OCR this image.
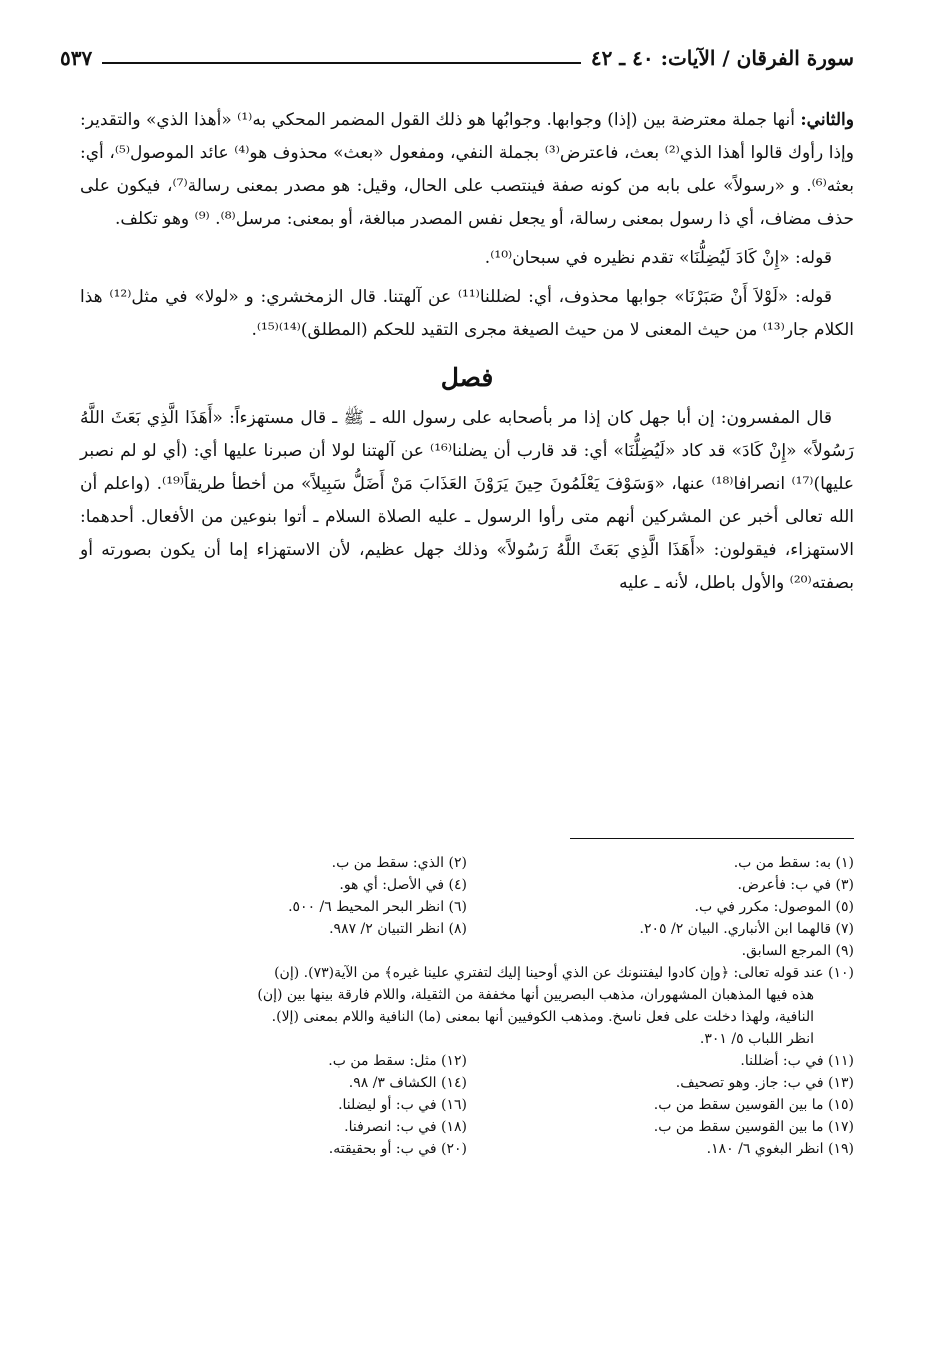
سورة الفرقان / الآيات: ٤٠ ـ ٤٢
٥٣٧

والثاني: أنها جملة معترضة بين (إذا) وجوابها. وجوابُها هو ذلك القول المضمر المحكي به⁽¹⁾ «أهذا الذي» والتقدير: وإذا رأوك قالوا أهذا الذي⁽²⁾ بعث، فاعترض⁽³⁾ بجملة النفي، ومفعول «بعث» محذوف هو⁽⁴⁾ عائد الموصول⁽⁵⁾، أي: بعثه⁽⁶⁾. و «رسولاً» على بابه من كونه صفة فينتصب على الحال، وقيل: هو مصدر بمعنى رسالة⁽⁷⁾، فيكون على حذف مضاف، أي ذا رسول بمعنى رسالة، أو يجعل نفس المصدر مبالغة، أو بمعنى: مرسل⁽⁸⁾. ⁽⁹⁾ وهو تكلف.

قوله: «إِنْ كَادَ لَيُضِلُّنَا» تقدم نظيره في سبحان⁽¹⁰⁾.

قوله: «لَوْلاَ أَنْ صَبَرْنَا» جوابها محذوف، أي: لضللنا⁽¹¹⁾ عن آلهتنا. قال الزمخشري: و «لولا» في مثل⁽¹²⁾ هذا الكلام جار⁽¹³⁾ من حيث المعنى لا من حيث الصيغة مجرى التقيد للحكم (المطلق)⁽¹⁴⁾⁽¹⁵⁾.

فصل

قال المفسرون: إن أبا جهل كان إذا مر بأصحابه على رسول الله ـ ﷺ ـ قال مستهزءاً: «أَهَذَا الَّذِي بَعَثَ اللَّهُ رَسُولاً» «إِنْ كَادَ» قد كاد «لَيُضِلُّنَا» أي: قد قارب أن يضلنا⁽¹⁶⁾ عن آلهتنا لولا أن صبرنا عليها أي: (أي لو لم نصبر عليها)⁽¹⁷⁾ انصرافا⁽¹⁸⁾ عنها، «وَسَوْفَ يَعْلَمُونَ حِينَ يَرَوْنَ العَذَابَ مَنْ أَضَلُّ سَبِيلاً» من أخطأ طريقاً⁽¹⁹⁾. (واعلم أن الله تعالى أخبر عن المشركين أنهم متى رأوا الرسول ـ عليه الصلاة السلام ـ أتوا بنوعين من الأفعال. أحدهما: الاستهزاء، فيقولون: «أَهَذَا الَّذِي بَعَثَ اللَّهُ رَسُولاً» وذلك جهل عظيم، لأن الاستهزاء إما أن يكون بصورته أو بصفته⁽²⁰⁾ والأول باطل، لأنه ـ عليه

(١) به: سقط من ب.
(٢) الذي: سقط من ب.
(٣) في ب: فأعرض.
(٤) في الأصل: أي هو.
(٥) الموصول: مكرر في ب.
(٦) انظر البحر المحيط ٦/ ٥٠٠.
(٧) قالهما ابن الأنباري. البيان ٢/ ٢٠٥.
(٨) انظر التبيان ٢/ ٩٨٧.
(٩) المرجع السابق.
(١٠) عند قوله تعالى: ﴿وإن كادوا ليفتنونك عن الذي أوحينا إليك لتفتري علينا غيره﴾ من الآية(٧٣). (إن)
هذه فيها المذهبان المشهوران، مذهب البصريين أنها مخففة من الثقيلة، واللام فارقة بينها بين (إن)
النافية، ولهذا دخلت على فعل ناسخ. ومذهب الكوفيين أنها بمعنى (ما) النافية واللام بمعنى (إلا).
انظر اللباب ٥/ ٣٠١.
(١١) في ب: أضللنا.
(١٢) مثل: سقط من ب.
(١٣) في ب: جاز. وهو تصحيف.
(١٤) الكشاف ٣/ ٩٨.
(١٥) ما بين القوسين سقط من ب.
(١٦) في ب: أو ليضلنا.
(١٧) ما بين القوسين سقط من ب.
(١٨) في ب: انصرفنا.
(١٩) انظر البغوي ٦/ ١٨٠.
(٢٠) في ب: أو بحقيقته.
